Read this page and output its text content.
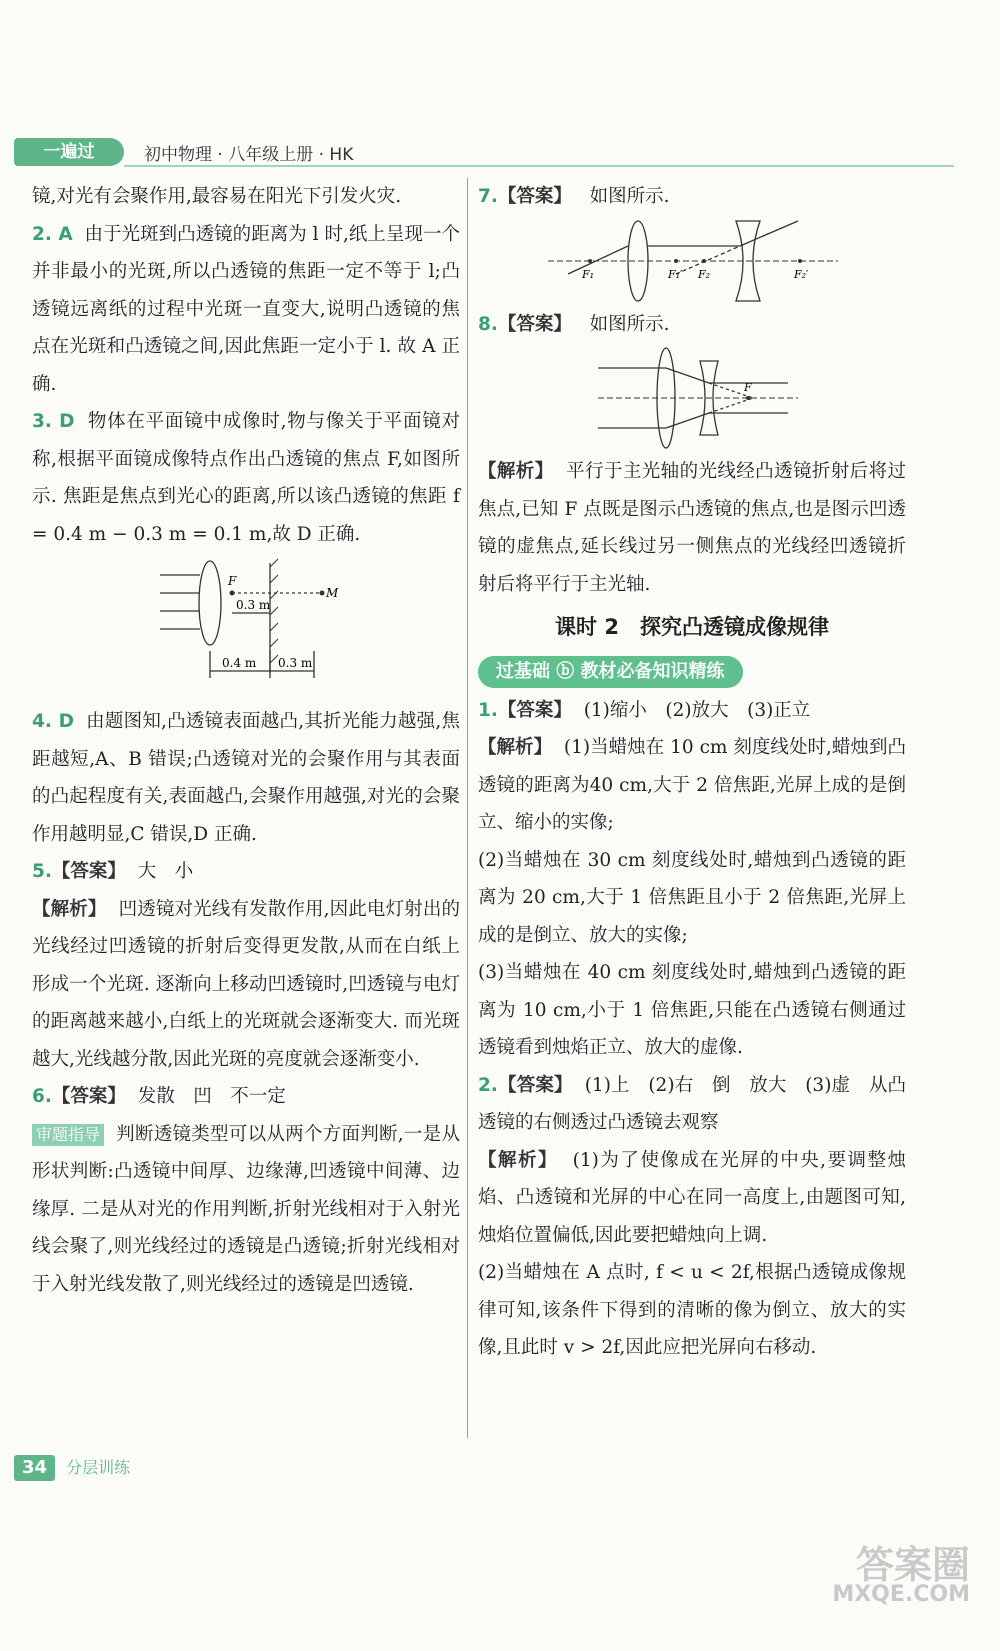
一遍过	初中物理 · 八年级上册 · HK

镜,对光有会聚作用,最容易在阳光下引发火灾.

2. A 由于光斑到凸透镜的距离为 l 时,纸上呈现一个并非最小的光斑,所以凸透镜的焦距一定不等于 l;凸透镜远离纸的过程中光斑一直变大,说明凸透镜的焦点在光斑和凸透镜之间,因此焦距一定小于 l. 故 A 正确.

3. D 物体在平面镜中成像时,物与像关于平面镜对称,根据平面镜成像特点作出凸透镜的焦点 F,如图所示. 焦距是焦点到光心的距离,所以该凸透镜的焦距 f = 0.4 m − 0.3 m = 0.1 m,故 D 正确.

F
M
0.3 m
0.4 m 0.3 m

4. D 由题图知,凸透镜表面越凸,其折光能力越强,焦距越短,A、B 错误;凸透镜对光的会聚作用与其表面的凸起程度有关,表面越凸,会聚作用越强,对光的会聚作用越明显,C 错误,D 正确.

5.【答案】 大　小

【解析】 凹透镜对光线有发散作用,因此电灯射出的光线经过凹透镜的折射后变得更发散,从而在白纸上形成一个光斑. 逐渐向上移动凹透镜时,凹透镜与电灯的距离越来越小,白纸上的光斑就会逐渐变大. 而光斑越大,光线越分散,因此光斑的亮度就会逐渐变小.

6.【答案】 发散　凹　不一定

审题指导 判断透镜类型可以从两个方面判断,一是从形状判断:凸透镜中间厚、边缘薄,凹透镜中间薄、边缘厚. 二是从对光的作用判断,折射光线相对于入射光线会聚了,则光线经过的透镜是凸透镜;折射光线相对于入射光线发散了,则光线经过的透镜是凹透镜.

7.【答案】 如图所示.

F₁	F₁′ F₂	F₂′

8.【答案】 如图所示.

F

【解析】 平行于主光轴的光线经凸透镜折射后将过焦点,已知 F 点既是图示凸透镜的焦点,也是图示凹透镜的虚焦点,延长线过另一侧焦点的光线经凹透镜折射后将平行于主光轴.

课时 2　探究凸透镜成像规律
过基础 ⓑ 教材必备知识精练

1.【答案】 (1)缩小　(2)放大　(3)正立

【解析】 (1)当蜡烛在 10 cm 刻度线处时,蜡烛到凸透镜的距离为40 cm,大于 2 倍焦距,光屏上成的是倒立、缩小的实像;

(2)当蜡烛在 30 cm 刻度线处时,蜡烛到凸透镜的距离为 20 cm,大于 1 倍焦距且小于 2 倍焦距,光屏上成的是倒立、放大的实像;

(3)当蜡烛在 40 cm 刻度线处时,蜡烛到凸透镜的距离为 10 cm,小于 1 倍焦距,只能在凸透镜右侧通过透镜看到烛焰正立、放大的虚像.

2.【答案】 (1)上　(2)右　倒　放大　(3)虚　从凸透镜的右侧透过凸透镜去观察

【解析】 (1)为了使像成在光屏的中央,要调整烛焰、凸透镜和光屏的中心在同一高度上,由题图可知,烛焰位置偏低,因此要把蜡烛向上调.

(2)当蜡烛在 A 点时, f < u < 2f,根据凸透镜成像规律可知,该条件下得到的清晰的像为倒立、放大的实像,且此时 v > 2f,因此应把光屏向右移动.

34 分层训练
答案圈
MXQE.COM
